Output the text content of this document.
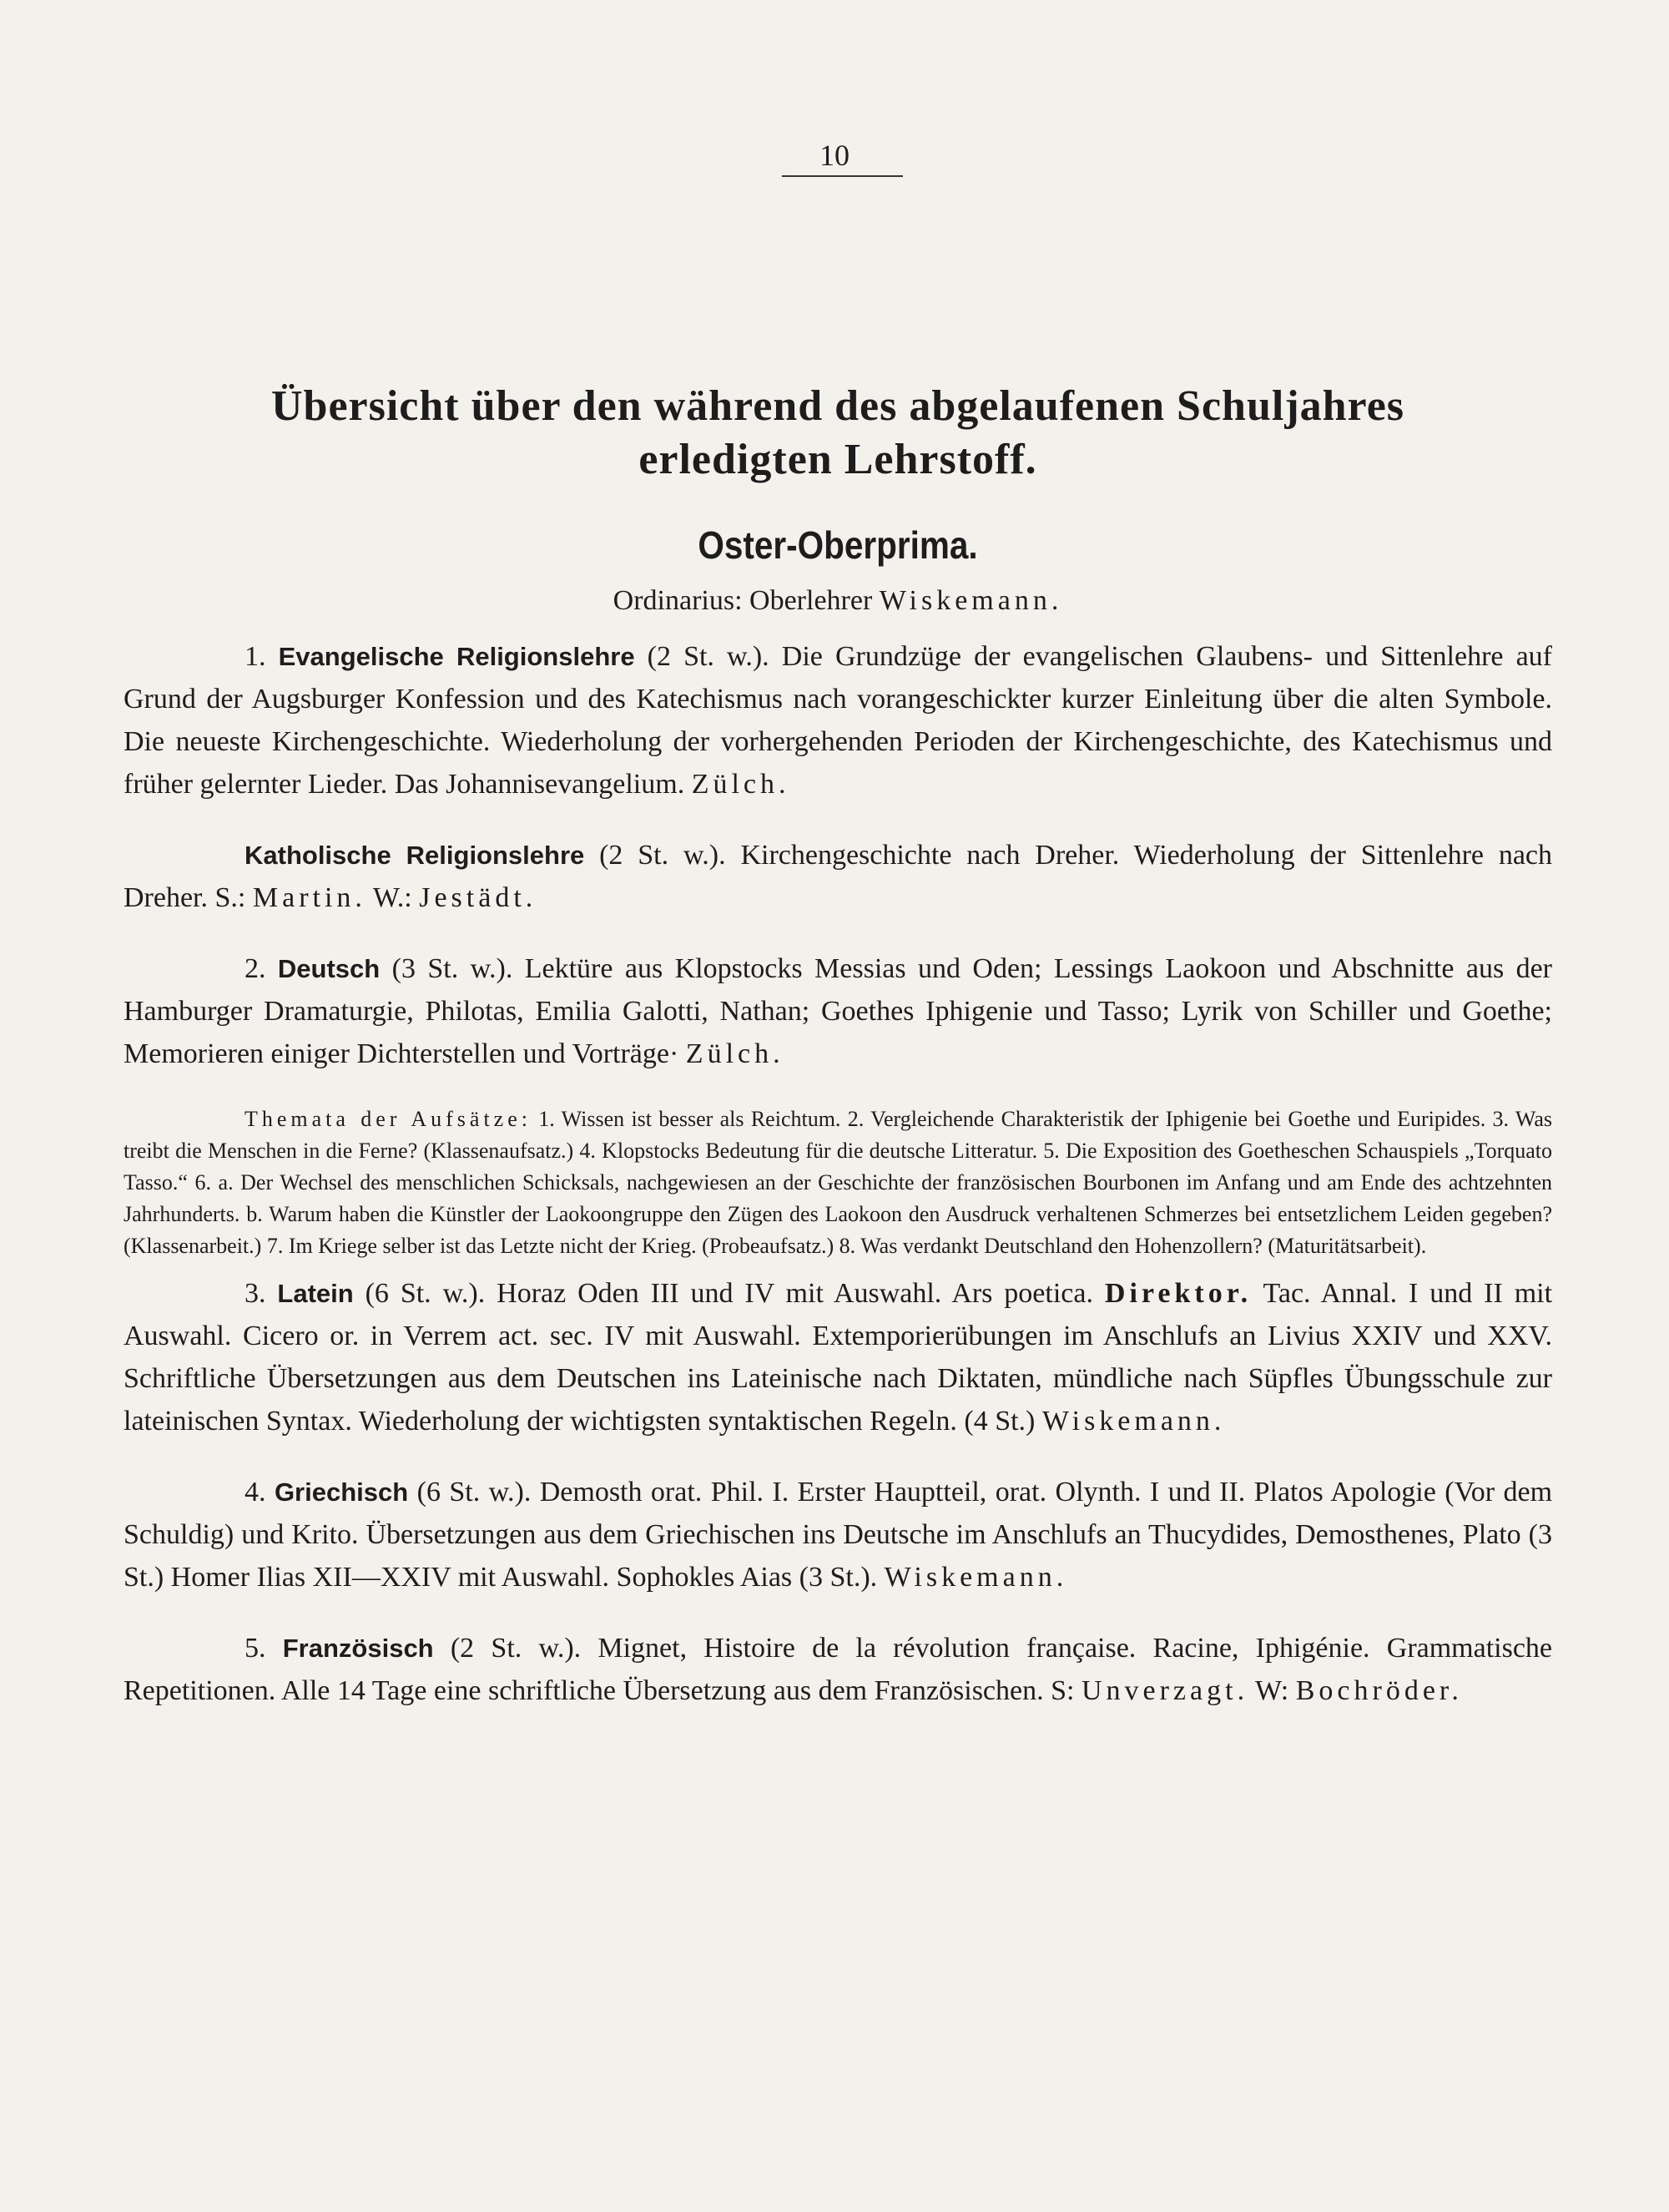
10
Übersicht über den während des abgelaufenen Schuljahres
erledigten Lehrstoff.
Oster-Oberprima.
Ordinarius: Oberlehrer Wiskemann.

1. Evangelische Religionslehre (2 St. w.). Die Grundzüge der evangelischen Glaubens- und Sittenlehre auf Grund der Augsburger Konfession und des Katechismus nach vorangeschickter kurzer Einleitung über die alten Symbole. Die neueste Kirchengeschichte. Wiederholung der vorhergehenden Perioden der Kirchengeschichte, des Katechismus und früher gelernter Lieder. Das Johannisevangelium. Zülch.

Katholische Religionslehre (2 St. w.). Kirchengeschichte nach Dreher. Wiederholung der Sittenlehre nach Dreher. S.: Martin. W.: Jestädt.

2. Deutsch (3 St. w.). Lektüre aus Klopstocks Messias und Oden; Lessings Laokoon und Abschnitte aus der Hamburger Dramaturgie, Philotas, Emilia Galotti, Nathan; Goethes Iphigenie und Tasso; Lyrik von Schiller und Goethe; Memorieren einiger Dichterstellen und Vorträge· Zülch.

Themata der Aufsätze: 1. Wissen ist besser als Reichtum. 2. Vergleichende Charakteristik der Iphigenie bei Goethe und Euripides. 3. Was treibt die Menschen in die Ferne? (Klassenaufsatz.) 4. Klopstocks Bedeutung für die deutsche Litteratur. 5. Die Exposition des Goetheschen Schauspiels „Torquato Tasso.“ 6. a. Der Wechsel des menschlichen Schicksals, nachgewiesen an der Geschichte der französischen Bourbonen im Anfang und am Ende des achtzehnten Jahrhunderts. b. Warum haben die Künstler der Laokoongruppe den Zügen des Laokoon den Ausdruck verhaltenen Schmerzes bei entsetzlichem Leiden gegeben? (Klassenarbeit.) 7. Im Kriege selber ist das Letzte nicht der Krieg. (Probeaufsatz.) 8. Was verdankt Deutschland den Hohenzollern? (Maturitätsarbeit).

3. Latein (6 St. w.). Horaz Oden III und IV mit Auswahl. Ars poetica. Direktor. Tac. Annal. I und II mit Auswahl. Cicero or. in Verrem act. sec. IV mit Auswahl. Extemporierübungen im Anschlufs an Livius XXIV und XXV. Schriftliche Übersetzungen aus dem Deutschen ins Lateinische nach Diktaten, mündliche nach Süpfles Übungsschule zur lateinischen Syntax. Wiederholung der wichtigsten syntaktischen Regeln. (4 St.) Wiskemann.

4. Griechisch (6 St. w.). Demosth orat. Phil. I. Erster Hauptteil, orat. Olynth. I und II. Platos Apologie (Vor dem Schuldig) und Krito. Übersetzungen aus dem Griechischen ins Deutsche im Anschlufs an Thucydides, Demosthenes, Plato (3 St.) Homer Ilias XII—XXIV mit Auswahl. Sophokles Aias (3 St.). Wiskemann.

5. Französisch (2 St. w.). Mignet, Histoire de la révolution française. Racine, Iphigénie. Grammatische Repetitionen. Alle 14 Tage eine schriftliche Übersetzung aus dem Französischen. S: Unverzagt. W: Bochröder.
